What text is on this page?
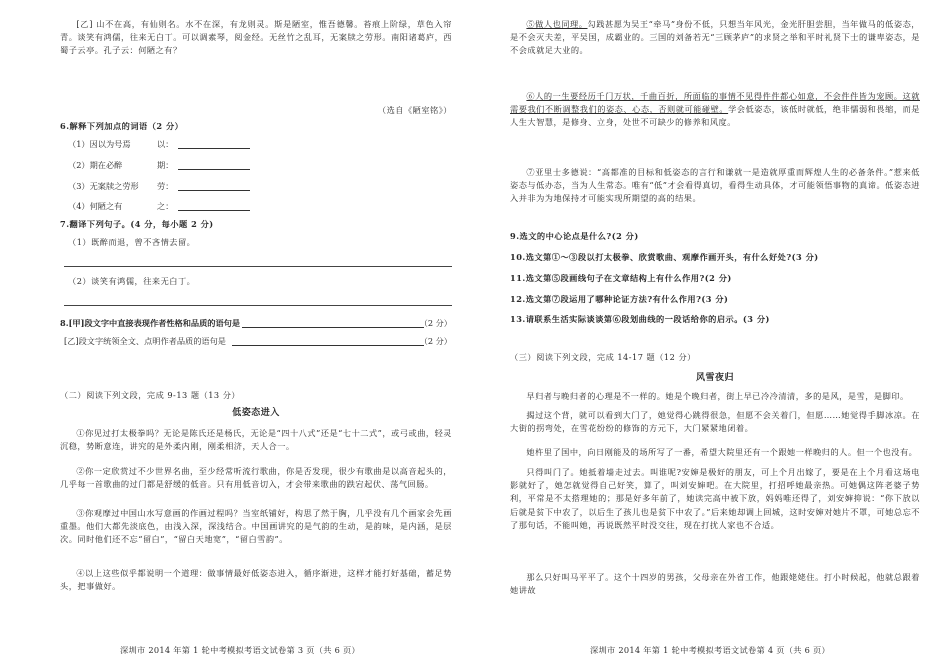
[乙] 山不在高，有仙则名。水不在深，有龙则灵。斯是陋室，惟吾德馨。苔痕上阶绿，草色入帘青。谈笑有鸿儒，往来无白丁。可以调素琴，阅金经。无丝竹之乱耳，无案牍之劳形。南阳诸葛庐，西蜀子云亭。孔子云：何陋之有？
（选自《陋室铭》）
6.解释下列加点的词语（2 分）
（1）因以为号焉	以：
（2）期在必醉	期：
（3）无案牍之劳形 劳：
（4）何陋之有	之：
7.翻译下列句子。(4 分，每小题 2 分)
（1）既醉而退，曾不吝情去留。
（2）谈笑有鸿儒，往来无白丁。
8.[甲]段文字中直接表现作者性格和品质的语句是	（2 分）
[乙]段文字统领全文、点明作者品质的语句是	（2 分）
（二）阅读下列文段，完成 9-13 题（13 分）
低姿态进入
①你见过打太极拳吗？无论是陈氏还是杨氏，无论是“四十八式”还是“七十二式”，或弓或曲，轻灵沉稳，势断意连，讲究的是外柔内刚，刚柔相济，天人合一。
②你一定欣赏过不少世界名曲，至少经常听流行歌曲，你是否发现，很少有歌曲是以高音起头的，几乎每一首歌曲的过门都是舒缓的低音。只有用低音切入，才会带来歌曲的跌宕起伏、荡气回肠。
③你观摩过中国山水写意画的作画过程吗？当室纸铺好，构思了然于胸，几乎没有几个画家会先画重墨。他们大都先淡底色，由浅入深，深浅结合。中国画讲究的是气韵的生动，是韵味，是内涵，是层次。同时他们还不忘“留白”，“留白天地宽”，“留白雪韵”。
④以上这些似乎都说明一个道理：做事情最好低姿态进入，循序渐进，这样才能打好基础，蓄足势头，把事做好。
深圳市 2014 年第 1 轮中考模拟考语文试卷第 3 页（共 6 页）
⑤做人也同理。勾践甚愿为吴王“牵马”身份不低，只想当年风光，金光肝胆尝胆，当年做马的低姿态，是不会灭夫差，平吴国，成霸业的。三国的刘备若无“三顾茅庐”的求贤之举和平时礼贤下士的谦卑姿态，是不会成就足大业的。
⑥人的一生要经历千门万状，千曲百折，所面临的事情不见得件件都心如意，不会件件皆为宠顾。这就需要我们不断调整我们的姿态、心态，否则就可能碰壁。学会低姿态，该低时就低，绝非懦弱和畏缩，而是人生大智慧，是修身、立身，处世不可缺少的修养和风度。
⑦亚里士多德说：“高都准的目标和低姿态的言行和谦就一是造就厚重而辉煌人生的必备条件。”惹来低姿态与低办态，当为人生常态。唯有“低”才会看得真切，看得生动具体，才可能领悟事物的真谛。低姿态进入并非为为地保持才可能实现所期望的高的结果。
9.选文的中心论点是什么?(2 分)
10.选文第①～③段以打太极拳、欣赏歌曲、观摩作画开头，有什么好处?(3 分)
11.选文第⑤段画线句子在文章结构上有什么作用?(2 分)
12.选文第⑦段运用了哪种论证方法?有什么作用?(3 分)
13.请联系生活实际谈谈第⑥段划曲线的一段话给你的启示。(3 分)
（三）阅读下列文段，完成 14-17 题（12 分）
风雪夜归
早归者与晚归者的心理是不一样的。她是个晚归者，街上早已冷冷清清，多的是风，是雪，是脚印。
揭过这个背，就可以看到大门了，她觉得心跳得很急，但愿不会关着门，但愿……她觉得手脚冰凉。在大街的拐弯处，在雪花纷纷的修饰的方元下，大门紧紧地闭着。
她杵里了国中，向日刚能及的场所写了一番，希望大院里还有一个跟她一样晚归的人。但一个也没有。
只得叫门了。她抵着墙走过去。叫谁呢?安婶是极好的朋友，可上个月出嫁了，要是在上个月看这场电影就好了，她怎就觉得自己好笑，算了，叫刘安婶吧。在大院里，打招呼她最亲热。可她偶这阵老婆子势利，平常是不太搭理她的；那是好多年前了，她读完高中被下放，妈妈唯还得了，刘安婶抑说：“你下放以后就是贫下中农了，以后生了孩儿也是贫下中农了。”后来她却调上回城，这时安婶对她片不罩，可她总忘不了那句话，不能叫她，再说既然平时没交往，现在打扰人家也不合适。
那么只好叫马平平了。这个十四岁的男孩，父母亲在外省工作，他跟姥姥住。打小时候起，他就总跟着她讲故
深圳市 2014 年第 1 轮中考模拟考语文试卷第 4 页（共 6 页）
